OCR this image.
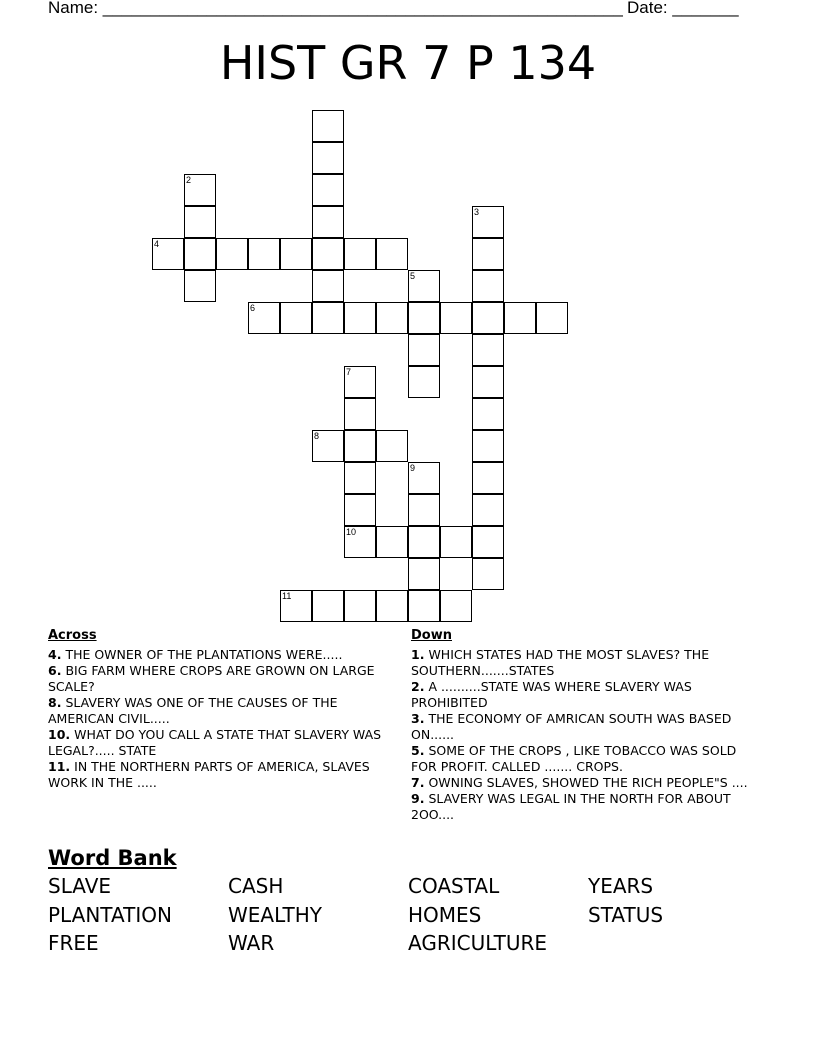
Name: _______________________________________________________ Date: _______
HIST GR 7 P 134
2
3
4
5
6
7
10
8
9
11
Across
4. THE OWNER OF THE PLANTATIONS WERE.....
6. BIG FARM WHERE CROPS ARE GROWN ON LARGE SCALE?
8. SLAVERY WAS ONE OF THE CAUSES OF THE AMERICAN CIVIL.....
10. WHAT DO YOU CALL A STATE THAT SLAVERY WAS LEGAL?..... STATE
11. IN THE NORTHERN PARTS OF AMERICA, SLAVES WORK IN THE .....
Down
1. WHICH STATES HAD THE MOST SLAVES? THE SOUTHERN.......STATES
2. A ..........STATE WAS WHERE SLAVERY WAS PROHIBITED
3. THE ECONOMY OF AMRICAN SOUTH WAS BASED ON......
5. SOME OF THE CROPS , LIKE TOBACCO WAS SOLD FOR PROFIT. CALLED ....... CROPS.
7. OWNING SLAVES, SHOWED THE RICH PEOPLE"S ....
9. SLAVERY WAS LEGAL IN THE NORTH FOR ABOUT 2OO....
Word Bank
SLAVE	CASH	COASTAL	YEARS
PLANTATION	WEALTHY	HOMES	STATUS
FREE	WAR	AGRICULTURE
